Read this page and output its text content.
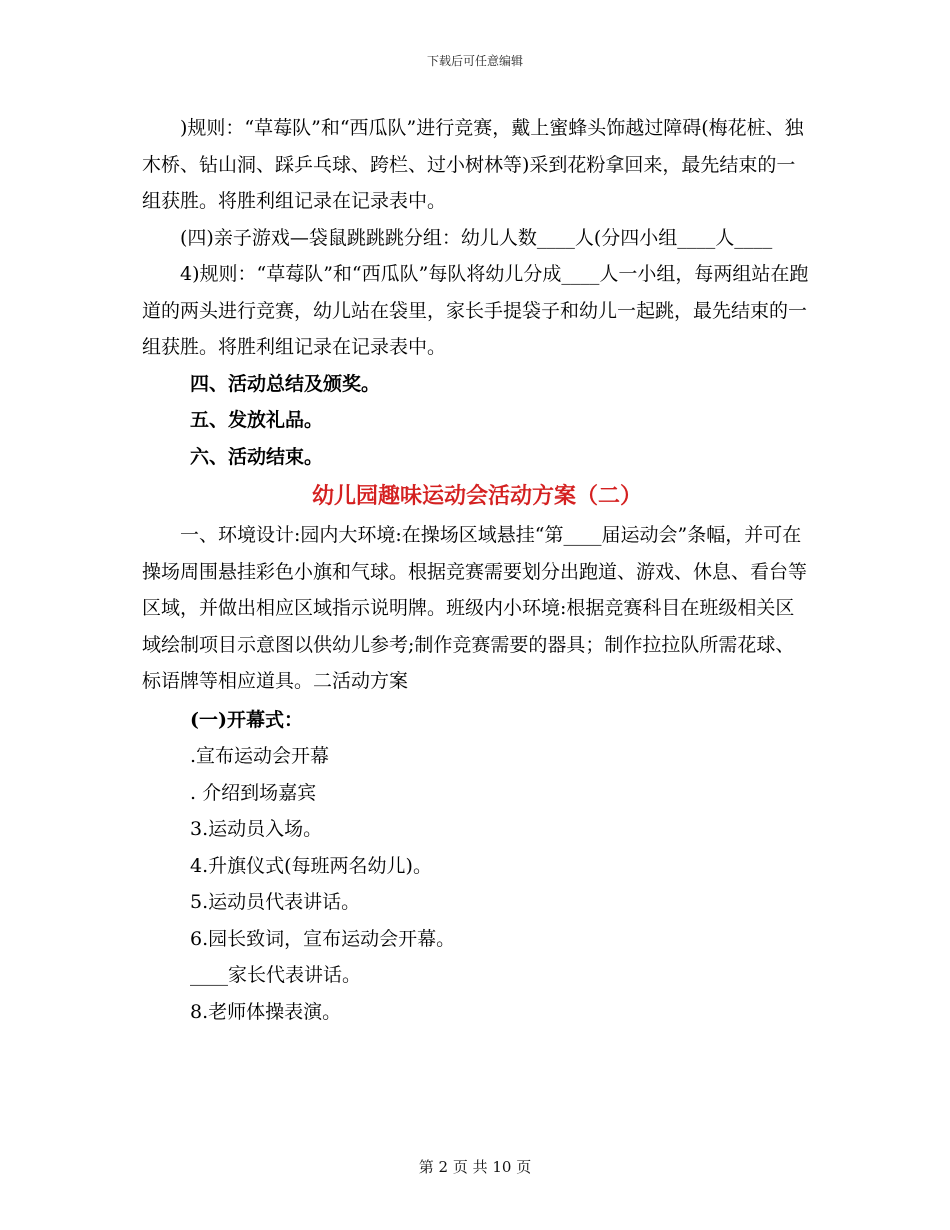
下载后可任意编辑

)规则：“草莓队”和“西瓜队”进行竞赛，戴上蜜蜂头饰越过障碍(梅花桩、独木桥、钻山洞、踩乒乓球、跨栏、过小树林等)采到花粉拿回来，最先结束的一组获胜。将胜利组记录在记录表中。

(四)亲子游戏—袋鼠跳跳跳分组：幼儿人数____人(分四小组____人____

4)规则：“草莓队”和“西瓜队”每队将幼儿分成____人一小组，每两组站在跑道的两头进行竞赛，幼儿站在袋里，家长手提袋子和幼儿一起跳，最先结束的一组获胜。将胜利组记录在记录表中。

四、活动总结及颁奖。

五、发放礼品。

六、活动结束。

幼儿园趣味运动会活动方案（二）

一、环境设计:园内大环境:在操场区域悬挂“第____届运动会”条幅，并可在操场周围悬挂彩色小旗和气球。根据竞赛需要划分出跑道、游戏、休息、看台等区域，并做出相应区域指示说明牌。班级内小环境:根据竞赛科目在班级相关区域绘制项目示意图以供幼儿参考;制作竞赛需要的器具；制作拉拉队所需花球、标语牌等相应道具。二活动方案

(一)开幕式：

.宣布运动会开幕

. 介绍到场嘉宾

3.运动员入场。

4.升旗仪式(每班两名幼儿)。

5.运动员代表讲话。

6.园长致词，宣布运动会开幕。

____家长代表讲话。

8.老师体操表演。

第 2 页 共 10 页
